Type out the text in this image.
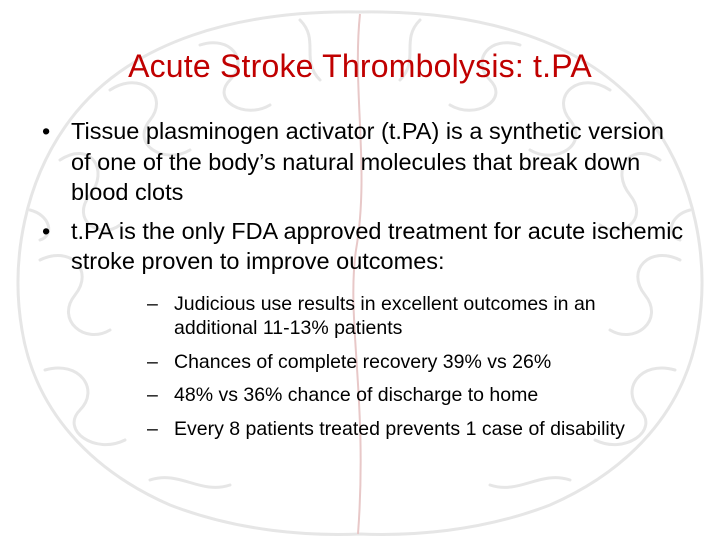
Acute Stroke Thrombolysis: t.PA
• Tissue plasminogen activator (t.PA) is a synthetic version of one of the body’s natural molecules that break down blood clots
• t.PA is the only FDA approved treatment for acute ischemic stroke proven to improve outcomes:
– Judicious use results in excellent outcomes in an additional 11-13% patients
– Chances of complete recovery 39% vs 26%
– 48% vs 36% chance of discharge to home
– Every 8 patients treated prevents 1 case of disability
